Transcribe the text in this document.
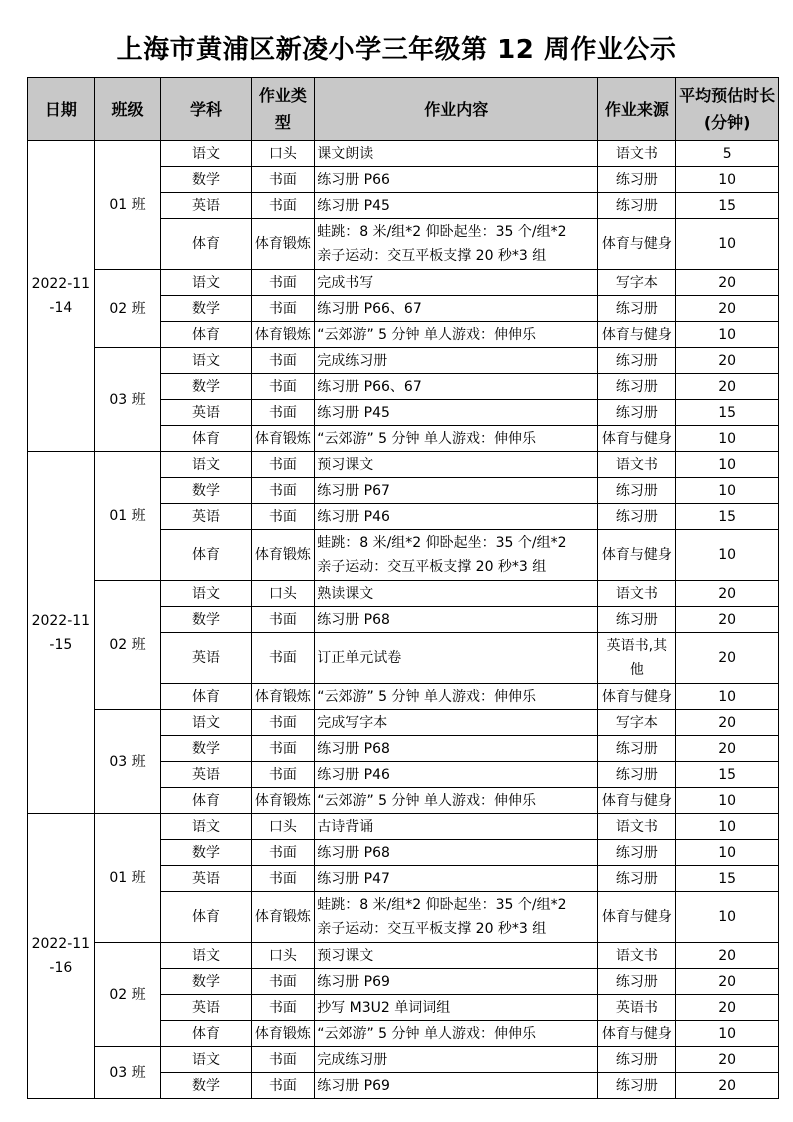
上海市黄浦区新凌小学三年级第 12 周作业公示
日期	班级	学科	作业类型	作业内容	作业来源	平均预估时长(分钟)
2022-11-14	01 班	语文	口头	课文朗读	语文书	5
		数学	书面	练习册 P66	练习册	10
		英语	书面	练习册 P45	练习册	15
		体育	体育锻炼	蛙跳：8 米/组*2 仰卧起坐：35 个/组*2
亲子运动：交互平板支撑 20 秒*3 组	体育与健身	10
	02 班	语文	书面	完成书写	写字本	20
		数学	书面	练习册 P66、67	练习册	20
		体育	体育锻炼	“云郊游” 5 分钟 单人游戏：伸伸乐	体育与健身	10
	03 班	语文	书面	完成练习册	练习册	20
		数学	书面	练习册 P66、67	练习册	20
		英语	书面	练习册 P45	练习册	15
		体育	体育锻炼	“云郊游” 5 分钟 单人游戏：伸伸乐	体育与健身	10
2022-11-15	01 班	语文	书面	预习课文	语文书	10
		数学	书面	练习册 P67	练习册	10
		英语	书面	练习册 P46	练习册	15
		体育	体育锻炼	蛙跳：8 米/组*2 仰卧起坐：35 个/组*2
亲子运动：交互平板支撑 20 秒*3 组	体育与健身	10
	02 班	语文	口头	熟读课文	语文书	20
		数学	书面	练习册 P68	练习册	20
		英语	书面	订正单元试卷	英语书,其他	20
		体育	体育锻炼	“云郊游” 5 分钟 单人游戏：伸伸乐	体育与健身	10
	03 班	语文	书面	完成写字本	写字本	20
		数学	书面	练习册 P68	练习册	20
		英语	书面	练习册 P46	练习册	15
		体育	体育锻炼	“云郊游” 5 分钟 单人游戏：伸伸乐	体育与健身	10
2022-11-16	01 班	语文	口头	古诗背诵	语文书	10
		数学	书面	练习册 P68	练习册	10
		英语	书面	练习册 P47	练习册	15
		体育	体育锻炼	蛙跳：8 米/组*2 仰卧起坐：35 个/组*2
亲子运动：交互平板支撑 20 秒*3 组	体育与健身	10
	02 班	语文	口头	预习课文	语文书	20
		数学	书面	练习册 P69	练习册	20
		英语	书面	抄写 M3U2 单词词组	英语书	20
		体育	体育锻炼	“云郊游” 5 分钟 单人游戏：伸伸乐	体育与健身	10
	03 班	语文	书面	完成练习册	练习册	20
		数学	书面	练习册 P69	练习册	20
